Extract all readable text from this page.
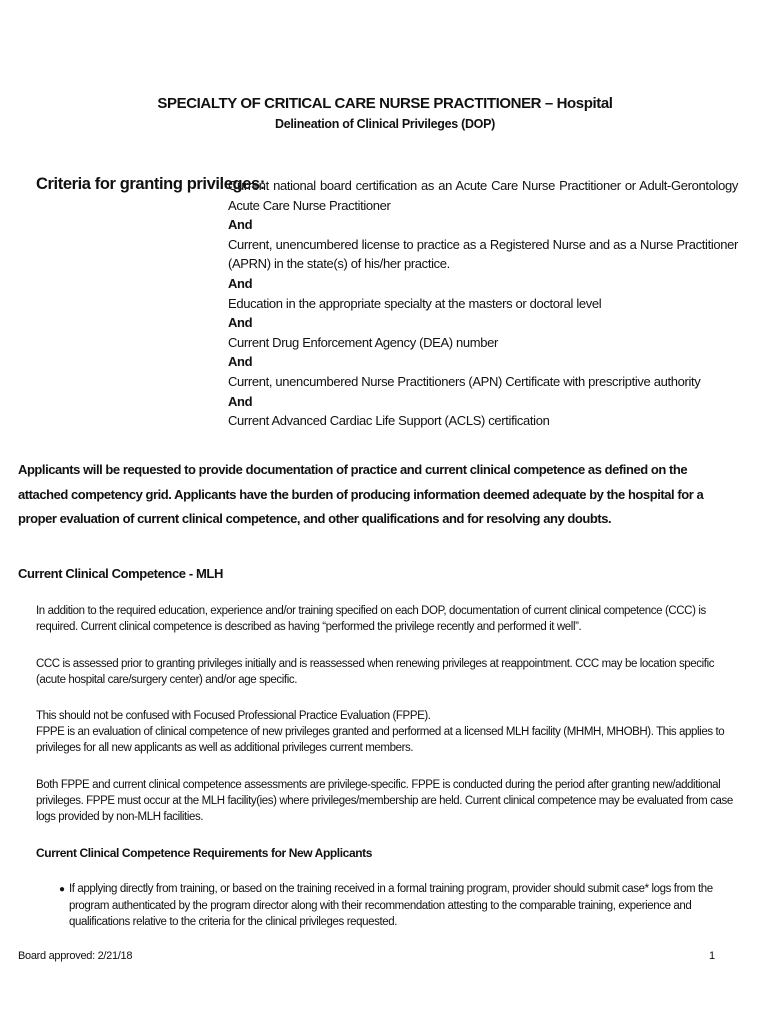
SPECIALTY OF CRITICAL CARE NURSE PRACTITIONER – Hospital
Delineation of Clinical Privileges (DOP)
Criteria for granting privileges:

Current national board certification as an Acute Care Nurse Practitioner or Adult-Gerontology Acute Care Nurse Practitioner

And

Current, unencumbered license to practice as a Registered Nurse and as a Nurse Practitioner (APRN) in the state(s) of his/her practice.

And

Education in the appropriate specialty at the masters or doctoral level

And

Current Drug Enforcement Agency (DEA) number

And

Current, unencumbered Nurse Practitioners (APN) Certificate with prescriptive authority

And

Current Advanced Cardiac Life Support (ACLS) certification

Applicants will be requested to provide documentation of practice and current clinical competence as defined on the attached competency grid. Applicants have the burden of producing information deemed adequate by the hospital for a proper evaluation of current clinical competence, and other qualifications and for resolving any doubts.
Current Clinical Competence - MLH
In addition to the required education, experience and/or training specified on each DOP, documentation of current clinical competence (CCC) is required. Current clinical competence is described as having “performed the privilege recently and performed it well”.
CCC is assessed prior to granting privileges initially and is reassessed when renewing privileges at reappointment. CCC may be location specific (acute hospital care/surgery center) and/or age specific.
This should not be confused with Focused Professional Practice Evaluation (FPPE).
FPPE is an evaluation of clinical competence of new privileges granted and performed at a licensed MLH facility (MHMH, MHOBH). This applies to privileges for all new applicants as well as additional privileges current members.
Both FPPE and current clinical competence assessments are privilege-specific. FPPE is conducted during the period after granting new/additional privileges. FPPE must occur at the MLH facility(ies) where privileges/membership are held. Current clinical competence may be evaluated from case logs provided by non-MLH facilities.
Current Clinical Competence Requirements for New Applicants
● If applying directly from training, or based on the training received in a formal training program, provider should submit case* logs from the program authenticated by the program director along with their recommendation attesting to the comparable training, experience and qualifications relative to the criteria for the clinical privileges requested.
Board approved: 2/21/18	1
